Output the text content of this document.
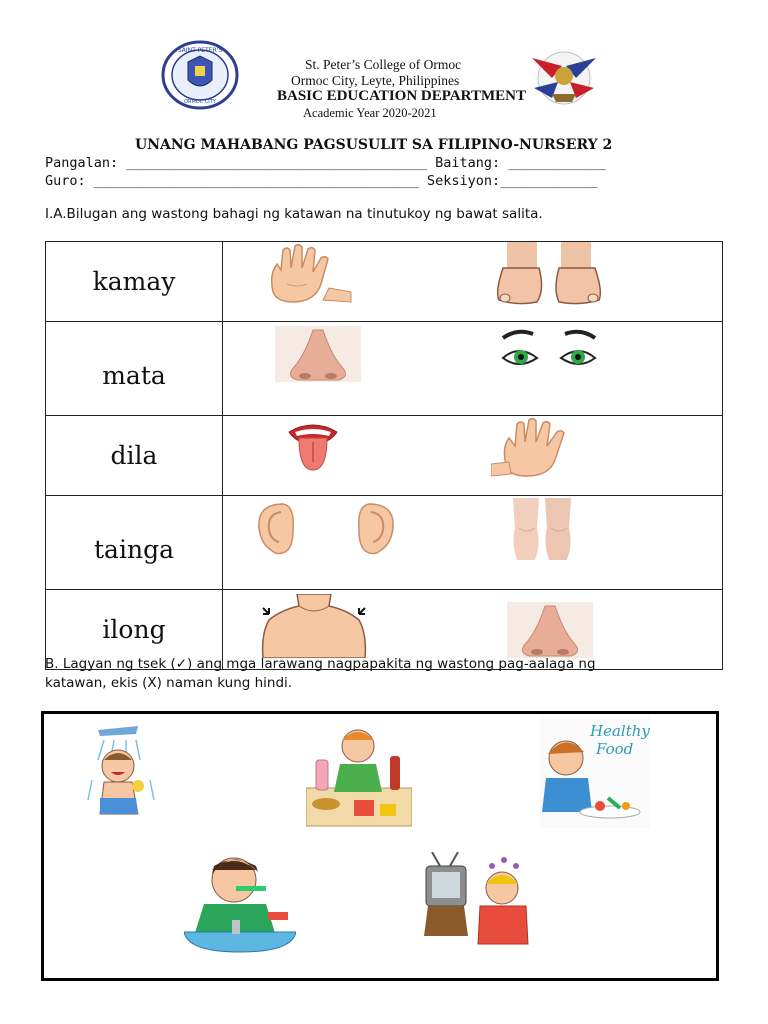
SAINT PETER'S
ORMOC CITY
St. Peter’s College of Ormoc
Ormoc City, Leyte, Philippines
BASIC EDUCATION DEPARTMENT
Academic Year 2020-2021
UNANG MAHABANG PAGSUSULIT SA FILIPINO-NURSERY 2
Pangalan: _____________________________________ Baitang: ____________
Guro: ________________________________________ Seksiyon:____________
I.A.Bilugan ang wastong bahagi ng katawan na tinutukoy ng bawat salita.
kamay	

mata	

dila	

tainga	

ilong	
B. Lagyan ng tsek (✓) ang mga larawang nagpapakita ng wastong pag-aalaga ng
katawan, ekis (X) naman kung hindi.
Healthy
Food
